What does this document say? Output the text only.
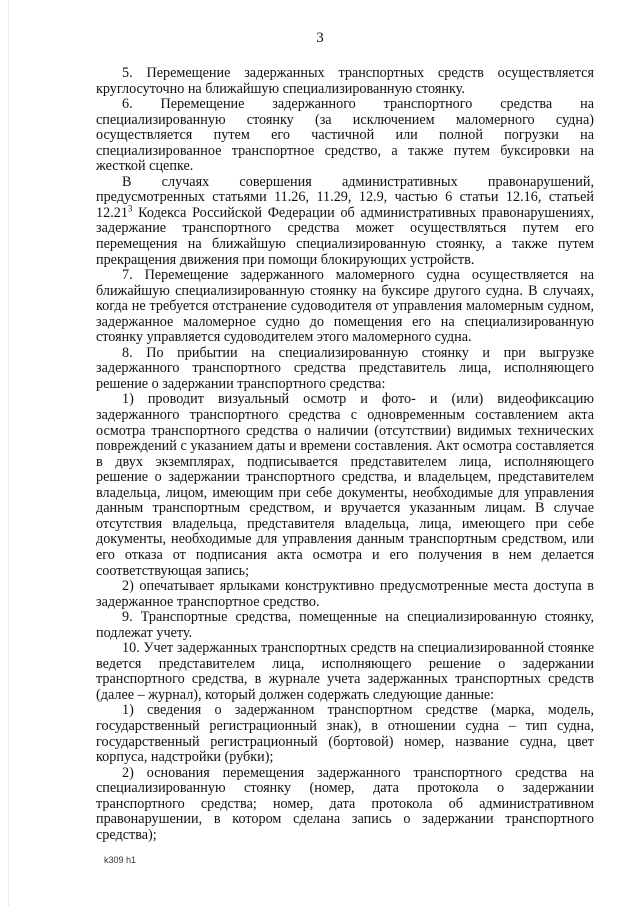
3

5. Перемещение задержанных транспортных средств осуществляется круглосуточно на ближайшую специализированную стоянку.

6. Перемещение задержанного транспортного средства на специализированную стоянку (за исключением маломерного судна) осуществляется путем его частичной или полной погрузки на специализированное транспортное средство, а также путем буксировки на жесткой сцепке.

В случаях совершения административных правонарушений, предусмотренных статьями 11.26, 11.29, 12.9, частью 6 статьи 12.16, статьей 12.21$^3$ Кодекса Российской Федерации об административных правонарушениях, задержание транспортного средства может осуществляться путем его перемещения на ближайшую специализированную стоянку, а также путем прекращения движения при помощи блокирующих устройств.

7. Перемещение задержанного маломерного судна осуществляется на ближайшую специализированную стоянку на буксире другого судна. В случаях, когда не требуется отстранение судоводителя от управления маломерным судном, задержанное маломерное судно до помещения его на специализированную стоянку управляется судоводителем этого маломерного судна.

8. По прибытии на специализированную стоянку и при выгрузке задержанного транспортного средства представитель лица, исполняющего решение о задержании транспортного средства:

1) проводит визуальный осмотр и фото- и (или) видеофиксацию задержанного транспортного средства с одновременным составлением акта осмотра транспортного средства о наличии (отсутствии) видимых технических повреждений с указанием даты и времени составления. Акт осмотра составляется в двух экземплярах, подписывается представителем лица, исполняющего решение о задержании транспортного средства, и владельцем, представителем владельца, лицом, имеющим при себе документы, необходимые для управления данным транспортным средством, и вручается указанным лицам. В случае отсутствия владельца, представителя владельца, лица, имеющего при себе документы, необходимые для управления данным транспортным средством, или его отказа от подписания акта осмотра и его получения в нем делается соответствующая запись;

2) опечатывает ярлыками конструктивно предусмотренные места доступа в задержанное транспортное средство.

9. Транспортные средства, помещенные на специализированную стоянку, подлежат учету.

10. Учет задержанных транспортных средств на специализированной стоянке ведется представителем лица, исполняющего решение о задержании транспортного средства, в журнале учета задержанных транспортных средств (далее – журнал), который должен содержать следующие данные:

1) сведения о задержанном транспортном средстве (марка, модель, государственный регистрационный знак), в отношении судна – тип судна, государственный регистрационный (бортовой) номер, название судна, цвет корпуса, надстройки (рубки);

2) основания перемещения задержанного транспортного средства на специализированную стоянку (номер, дата протокола о задержании транспортного средства; номер, дата протокола об административном правонарушении, в котором сделана запись о задержании транспортного средства);

k309 h1
